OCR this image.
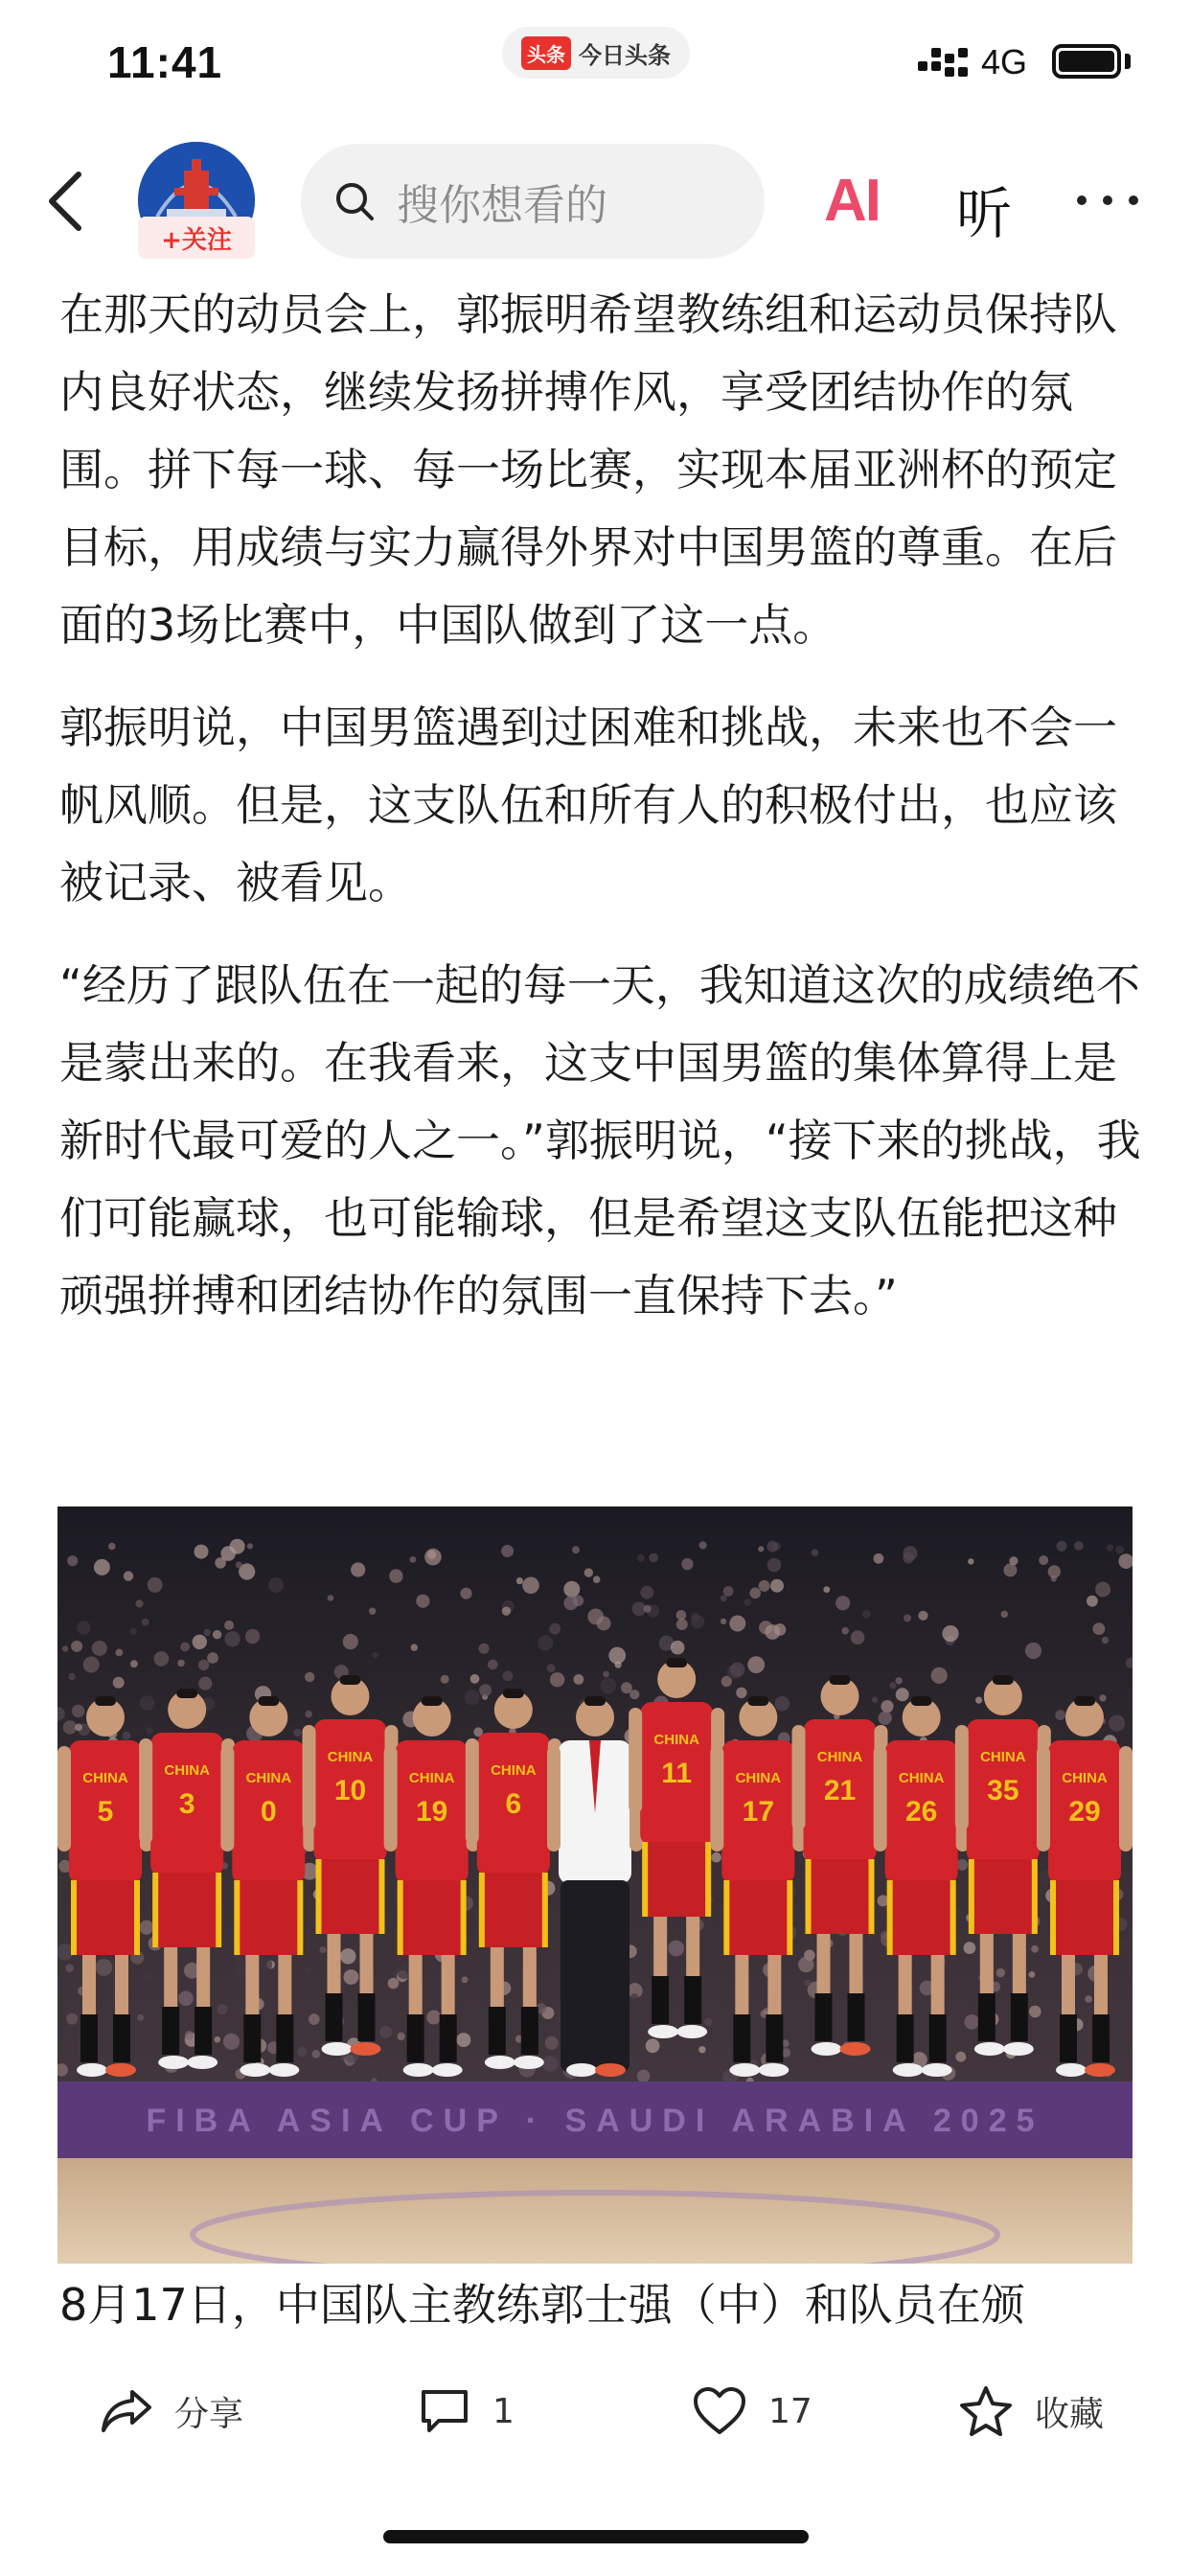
11:41	头条 今日头条	4G
+关注
搜你想看的	AI 听

在那天的动员会上，郭振明希望教练组和运动员保持队内良好状态，继续发扬拼搏作风，享受团结协作的氛围。拼下每一球、每一场比赛，实现本届亚洲杯的预定目标，用成绩与实力赢得外界对中国男篮的尊重。在后面的3场比赛中，中国队做到了这一点。

郭振明说，中国男篮遇到过困难和挑战，未来也不会一帆风顺。但是，这支队伍和所有人的积极付出，也应该被记录、被看见。

“经历了跟队伍在一起的每一天，我知道这次的成绩绝不是蒙出来的。在我看来，这支中国男篮的集体算得上是新时代最可爱的人之一。”郭振明说，“接下来的挑战，我们可能赢球，也可能输球，但是希望这支队伍能把这种顽强拼搏和团结协作的氛围一直保持下去。”

FIBA ASIA CUP · SAUDI ARABIA 2025
CHINA
5
CHINA
3
CHINA
0
CHINA
10	CHINA
19
CHINA
6
CHINA
11	CHINA
17
CHINA
21	CHINA
26
CHINA
35	CHINA
29
8月17日，中国队主教练郭士强（中）和队员在颁
分享	1	17	收藏
